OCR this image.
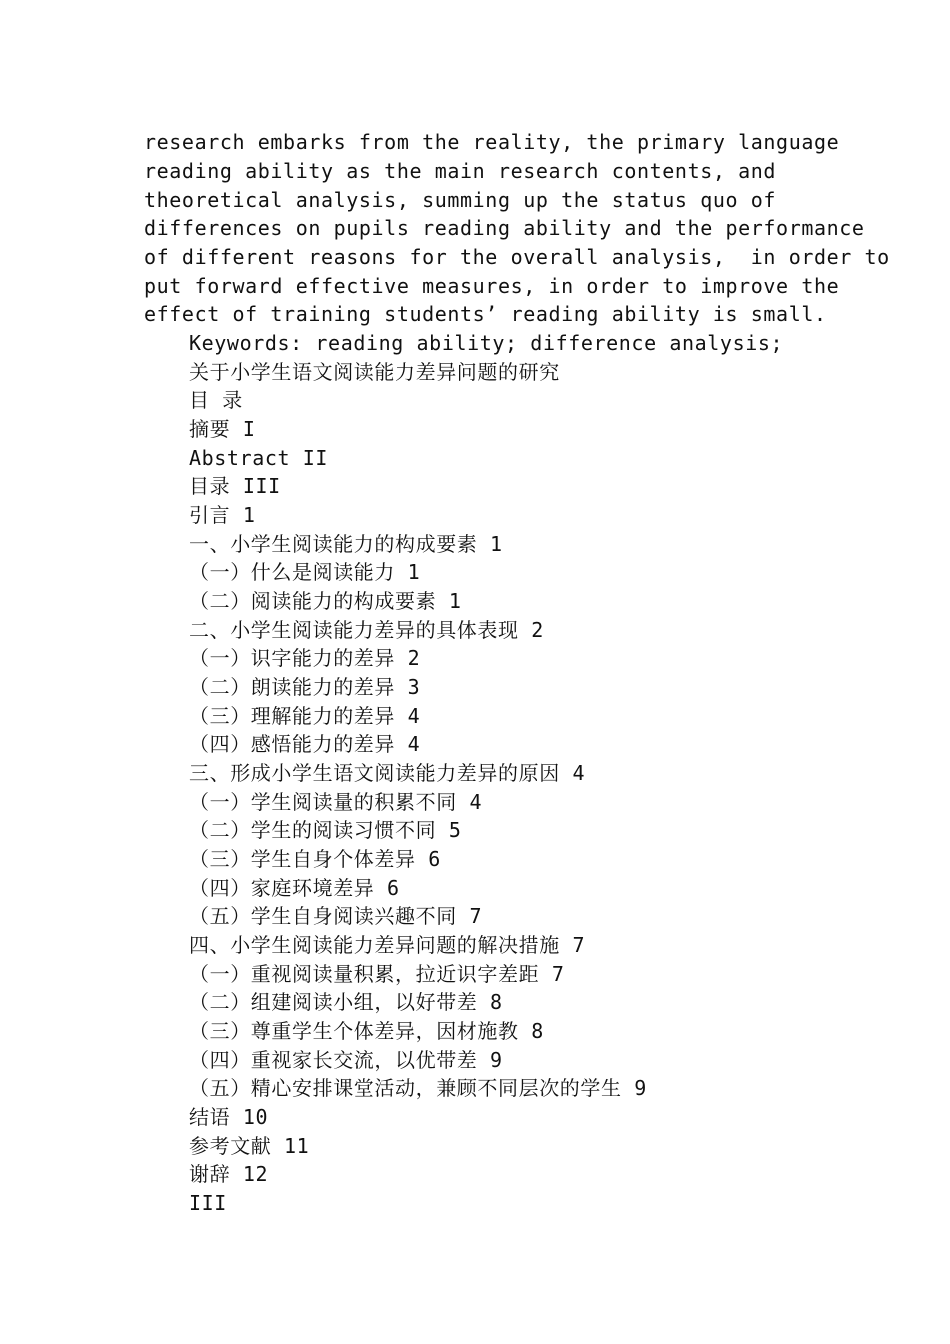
research embarks from the reality, the primary language
reading ability as the main research contents, and
theoretical analysis, summing up the status quo of
differences on pupils reading ability and the performance
of different reasons for the overall analysis,  in order to
put forward effective measures, in order to improve the
effect of training students’ reading ability is small.
Keywords: reading ability; difference analysis;
关于小学生语文阅读能力差异问题的研究
目 录
摘要 I
Abstract II
目录 III
引言 1
一、小学生阅读能力的构成要素 1
（一）什么是阅读能力 1
（二）阅读能力的构成要素 1
二、小学生阅读能力差异的具体表现 2
（一）识字能力的差异 2
（二）朗读能力的差异 3
（三）理解能力的差异 4
（四）感悟能力的差异 4
三、形成小学生语文阅读能力差异的原因 4
（一）学生阅读量的积累不同 4
（二）学生的阅读习惯不同 5
（三）学生自身个体差异 6
（四）家庭环境差异 6
（五）学生自身阅读兴趣不同 7
四、小学生阅读能力差异问题的解决措施 7
（一）重视阅读量积累，拉近识字差距 7
（二）组建阅读小组，以好带差 8
（三）尊重学生个体差异，因材施教 8
（四）重视家长交流，以优带差 9
（五）精心安排课堂活动，兼顾不同层次的学生 9
结语 10
参考文献 11
谢辞 12
III
